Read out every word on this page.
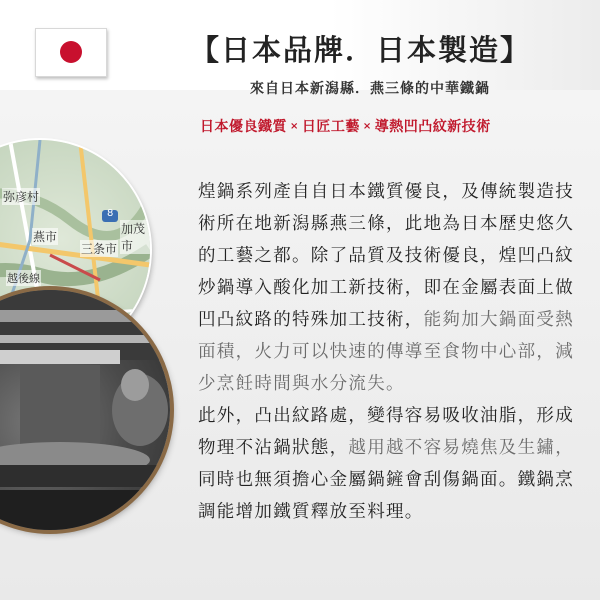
【日本品牌．日本製造】
來自日本新潟縣．燕三條的中華鐵鍋
日本優良鐵質 × 日匠工藝 × 導熱凹凸紋新技術
弥彦村
燕市
三条市
加茂市
越後線
8

煌鍋系列產自自日本鐵質優良，及傳統製造技術所在地新潟縣燕三條，此地為日本歷史悠久的工藝之都。除了品質及技術優良，煌凹凸紋炒鍋導入酸化加工新技術，即在金屬表面上做凹凸紋路的特殊加工技術，能夠加大鍋面受熱面積，火力可以快速的傳導至食物中心部，減少烹飪時間與水分流失。

此外，凸出紋路處，變得容易吸收油脂，形成物理不沾鍋狀態，越用越不容易燒焦及生鏽，同時也無須擔心金屬鍋鏟會刮傷鍋面。鐵鍋烹調能增加鐵質釋放至料理。
